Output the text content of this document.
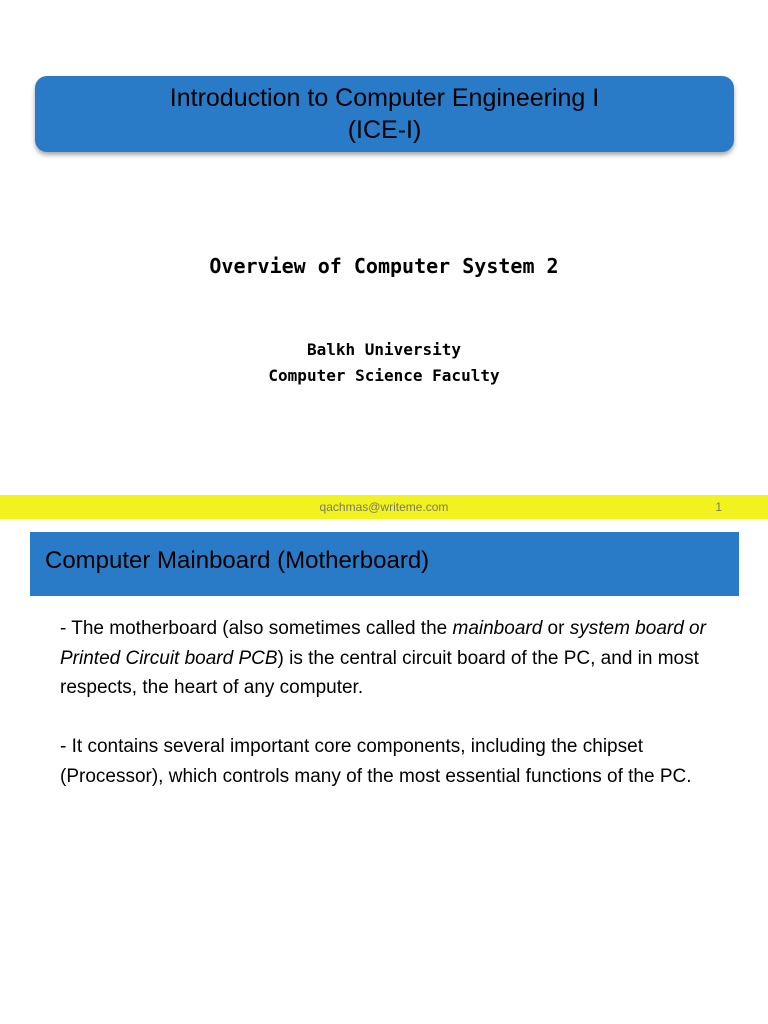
Introduction to Computer Engineering I
(ICE-I)
Overview of Computer System 2
Balkh University
Computer Science Faculty
qachmas@writeme.com	1
Computer Mainboard (Motherboard)

- The motherboard (also sometimes called the mainboard or system board or Printed Circuit board PCB) is the central circuit board of the PC, and in most respects, the heart of any computer.

- It contains several important core components, including the chipset (Processor), which controls many of the most essential functions of the PC.
